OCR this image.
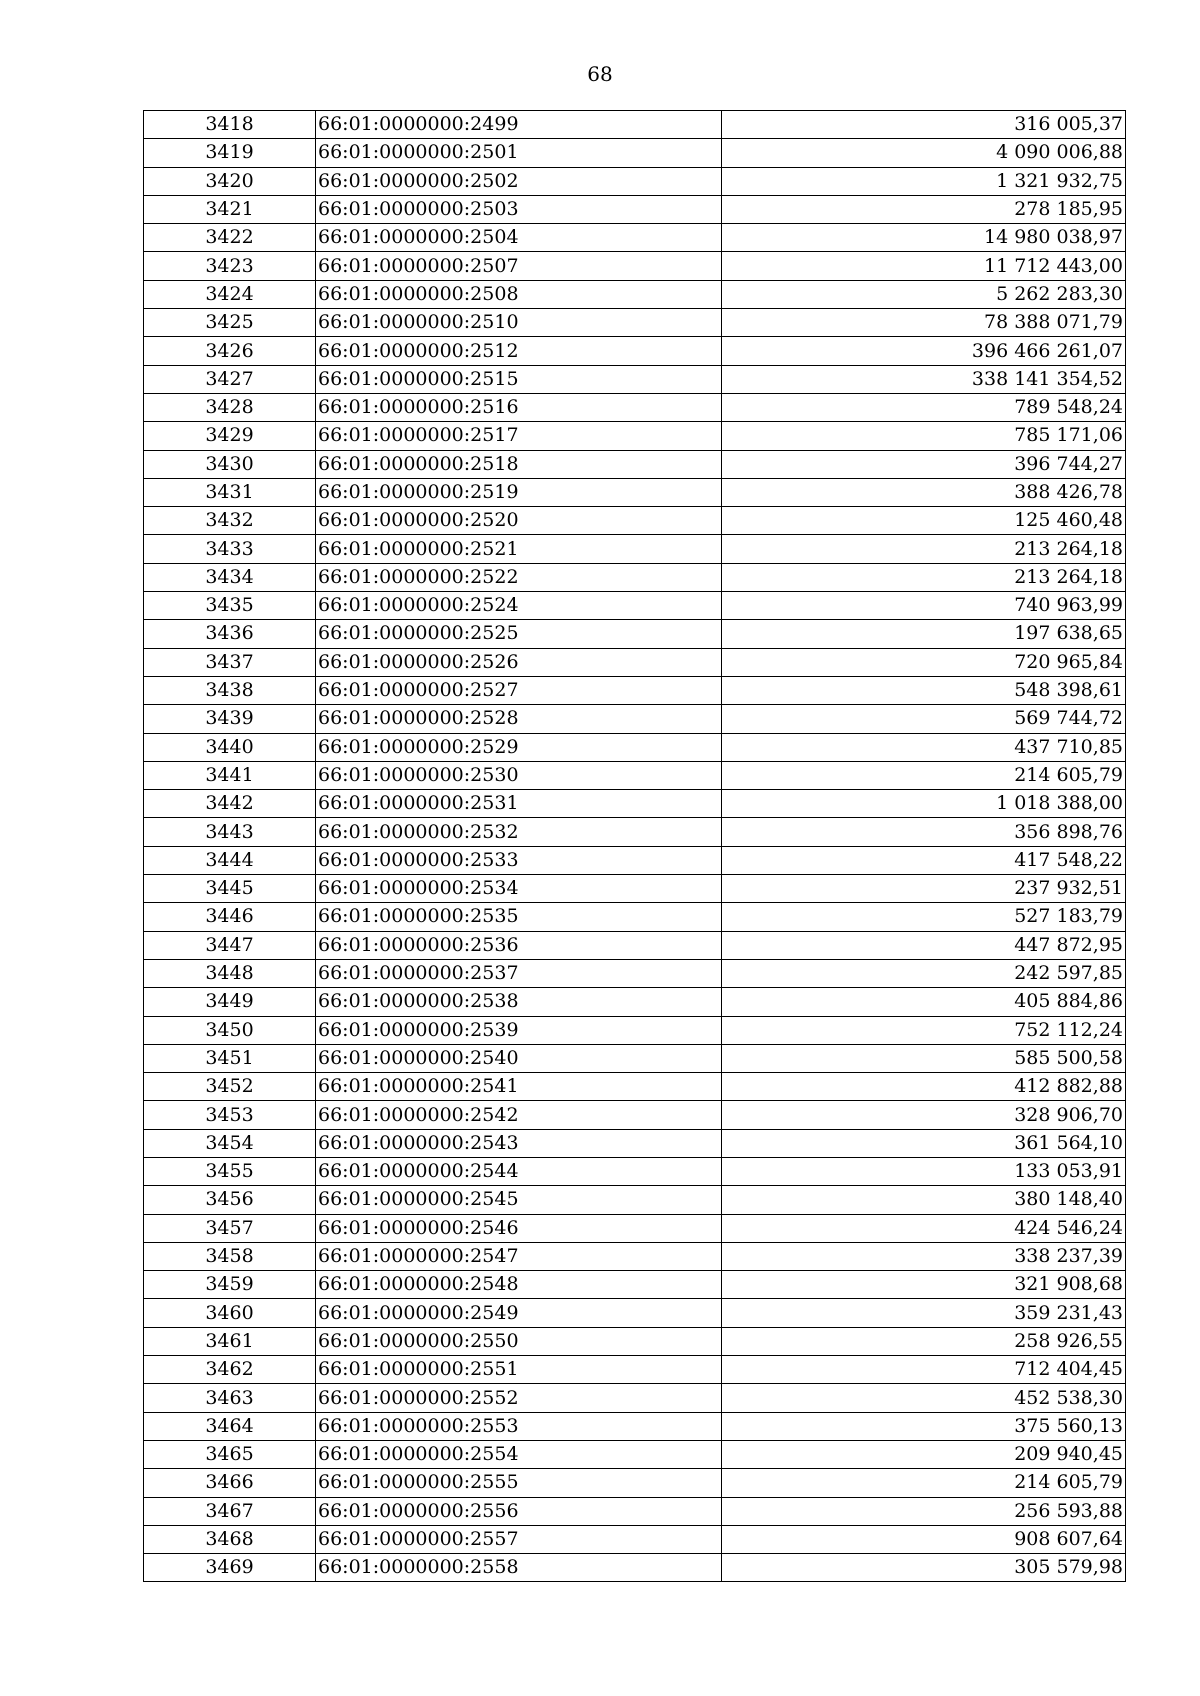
68
3418	66:01:0000000:2499	316 005,37
3419	66:01:0000000:2501	4 090 006,88
3420	66:01:0000000:2502	1 321 932,75
3421	66:01:0000000:2503	278 185,95
3422	66:01:0000000:2504	14 980 038,97
3423	66:01:0000000:2507	11 712 443,00
3424	66:01:0000000:2508	5 262 283,30
3425	66:01:0000000:2510	78 388 071,79
3426	66:01:0000000:2512	396 466 261,07
3427	66:01:0000000:2515	338 141 354,52
3428	66:01:0000000:2516	789 548,24
3429	66:01:0000000:2517	785 171,06
3430	66:01:0000000:2518	396 744,27
3431	66:01:0000000:2519	388 426,78
3432	66:01:0000000:2520	125 460,48
3433	66:01:0000000:2521	213 264,18
3434	66:01:0000000:2522	213 264,18
3435	66:01:0000000:2524	740 963,99
3436	66:01:0000000:2525	197 638,65
3437	66:01:0000000:2526	720 965,84
3438	66:01:0000000:2527	548 398,61
3439	66:01:0000000:2528	569 744,72
3440	66:01:0000000:2529	437 710,85
3441	66:01:0000000:2530	214 605,79
3442	66:01:0000000:2531	1 018 388,00
3443	66:01:0000000:2532	356 898,76
3444	66:01:0000000:2533	417 548,22
3445	66:01:0000000:2534	237 932,51
3446	66:01:0000000:2535	527 183,79
3447	66:01:0000000:2536	447 872,95
3448	66:01:0000000:2537	242 597,85
3449	66:01:0000000:2538	405 884,86
3450	66:01:0000000:2539	752 112,24
3451	66:01:0000000:2540	585 500,58
3452	66:01:0000000:2541	412 882,88
3453	66:01:0000000:2542	328 906,70
3454	66:01:0000000:2543	361 564,10
3455	66:01:0000000:2544	133 053,91
3456	66:01:0000000:2545	380 148,40
3457	66:01:0000000:2546	424 546,24
3458	66:01:0000000:2547	338 237,39
3459	66:01:0000000:2548	321 908,68
3460	66:01:0000000:2549	359 231,43
3461	66:01:0000000:2550	258 926,55
3462	66:01:0000000:2551	712 404,45
3463	66:01:0000000:2552	452 538,30
3464	66:01:0000000:2553	375 560,13
3465	66:01:0000000:2554	209 940,45
3466	66:01:0000000:2555	214 605,79
3467	66:01:0000000:2556	256 593,88
3468	66:01:0000000:2557	908 607,64
3469	66:01:0000000:2558	305 579,98
